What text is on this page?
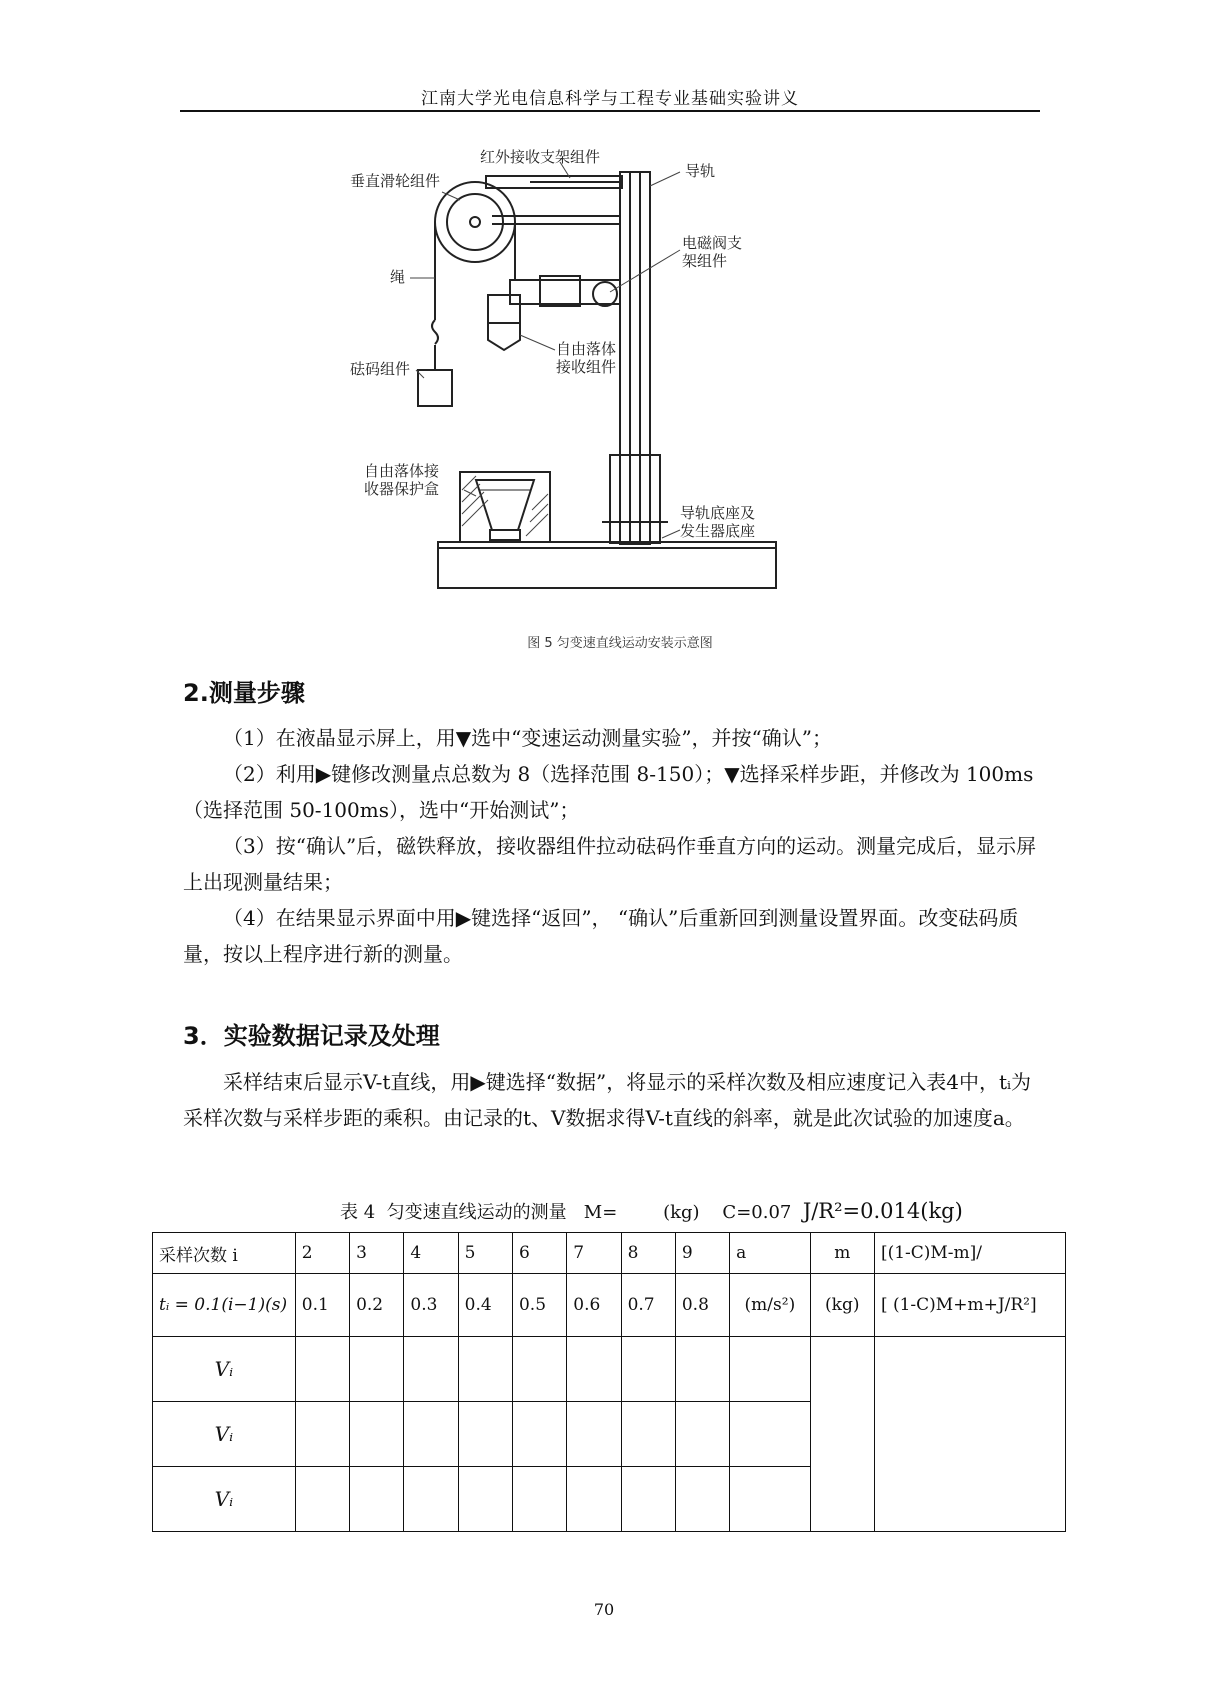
江南大学光电信息科学与工程专业基础实验讲义
红外接收支架组件
导轨
垂直滑轮组件
电磁阀支
架组件
绳
砝码组件
自由落体
接收组件
自由落体接
收器保护盒
导轨底座及
发生器底座
图 5 匀变速直线运动安装示意图
2.测量步骤

（1）在液晶显示屏上，用▼选中“变速运动测量实验”，并按“确认”；

（2）利用▶键修改测量点总数为 8（选择范围 8-150）；▼选择采样步距，并修改为 100ms（选择范围 50-100ms），选中“开始测试”；

（3）按“确认”后，磁铁释放，接收器组件拉动砝码作垂直方向的运动。测量完成后，显示屏上出现测量结果；

（4）在结果显示界面中用▶键选择“返回”， “确认”后重新回到测量设置界面。改变砝码质量，按以上程序进行新的测量。

3．实验数据记录及处理

采样结束后显示V-t直线，用▶键选择“数据”，将显示的采样次数及相应速度记入表4中，tᵢ为采样次数与采样步距的乘积。由记录的t、V数据求得V-t直线的斜率，就是此次试验的加速度a。

表 4  匀变速直线运动的测量   M=        (kg)    C=0.07  J/R²=0.014(kg)
采样次数 i	2	3	4	5	6	7	8	9	a	m	[(1-C)M-m]/
tᵢ = 0.1(i−1)(s)	0.1	0.2	0.3	0.4	0.5	0.6	0.7	0.8	(m/s²)	(kg)	[ (1-C)M+m+J/R²]
Vᵢ											
Vᵢ											
Vᵢ											
70
